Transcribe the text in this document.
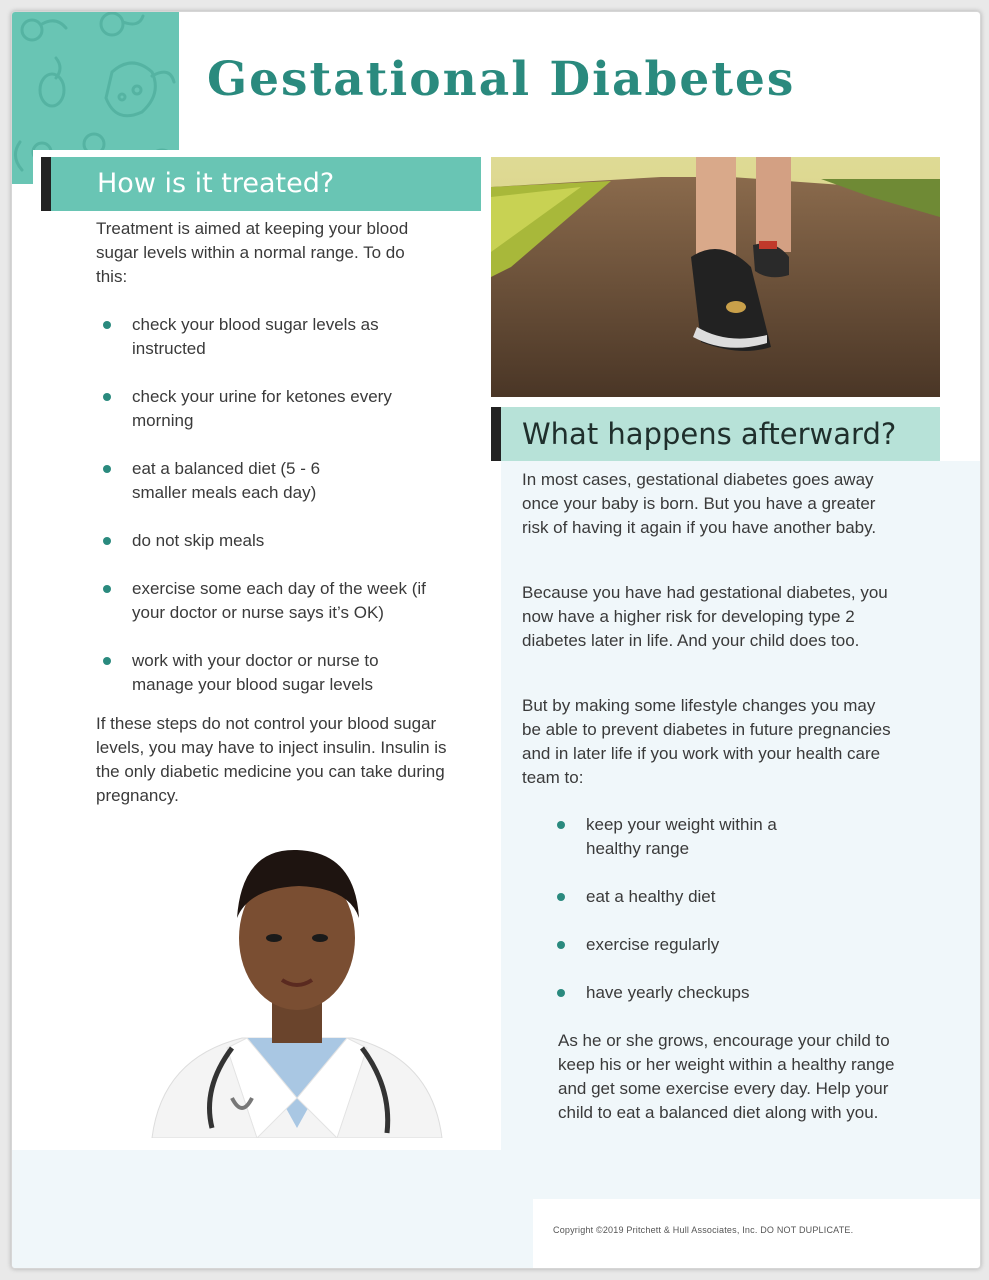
Gestational Diabetes
How is it treated?

Treatment is aimed at keeping your blood sugar levels within a normal range. To do this:

check your blood sugar levels as instructed
check your urine for ketones every morning
eat a balanced diet (5 - 6 smaller meals each day)
do not skip meals
exercise some each day of the week (if your doctor or nurse says it’s OK)
work with your doctor or nurse to manage your blood sugar levels

If these steps do not control your blood sugar levels, you may have to inject insulin. Insulin is the only diabetic medicine you can take during pregnancy.

What happens afterward?

In most cases, gestational diabetes goes away once your baby is born. But you have a greater risk of having it again if you have another baby.

Because you have had gestational diabetes, you now have a higher risk for developing type 2 diabetes later in life. And your child does too.

But by making some lifestyle changes you may be able to prevent diabetes in future pregnancies and in later life if you work with your health care team to:

keep your weight within a healthy range
eat a healthy diet
exercise regularly
have yearly checkups

As he or she grows, encourage your child to keep his or her weight within a healthy range and get some exercise every day. Help your child to eat a balanced diet along with you.

Copyright ©2019 Pritchett & Hull Associates, Inc. DO NOT DUPLICATE.
